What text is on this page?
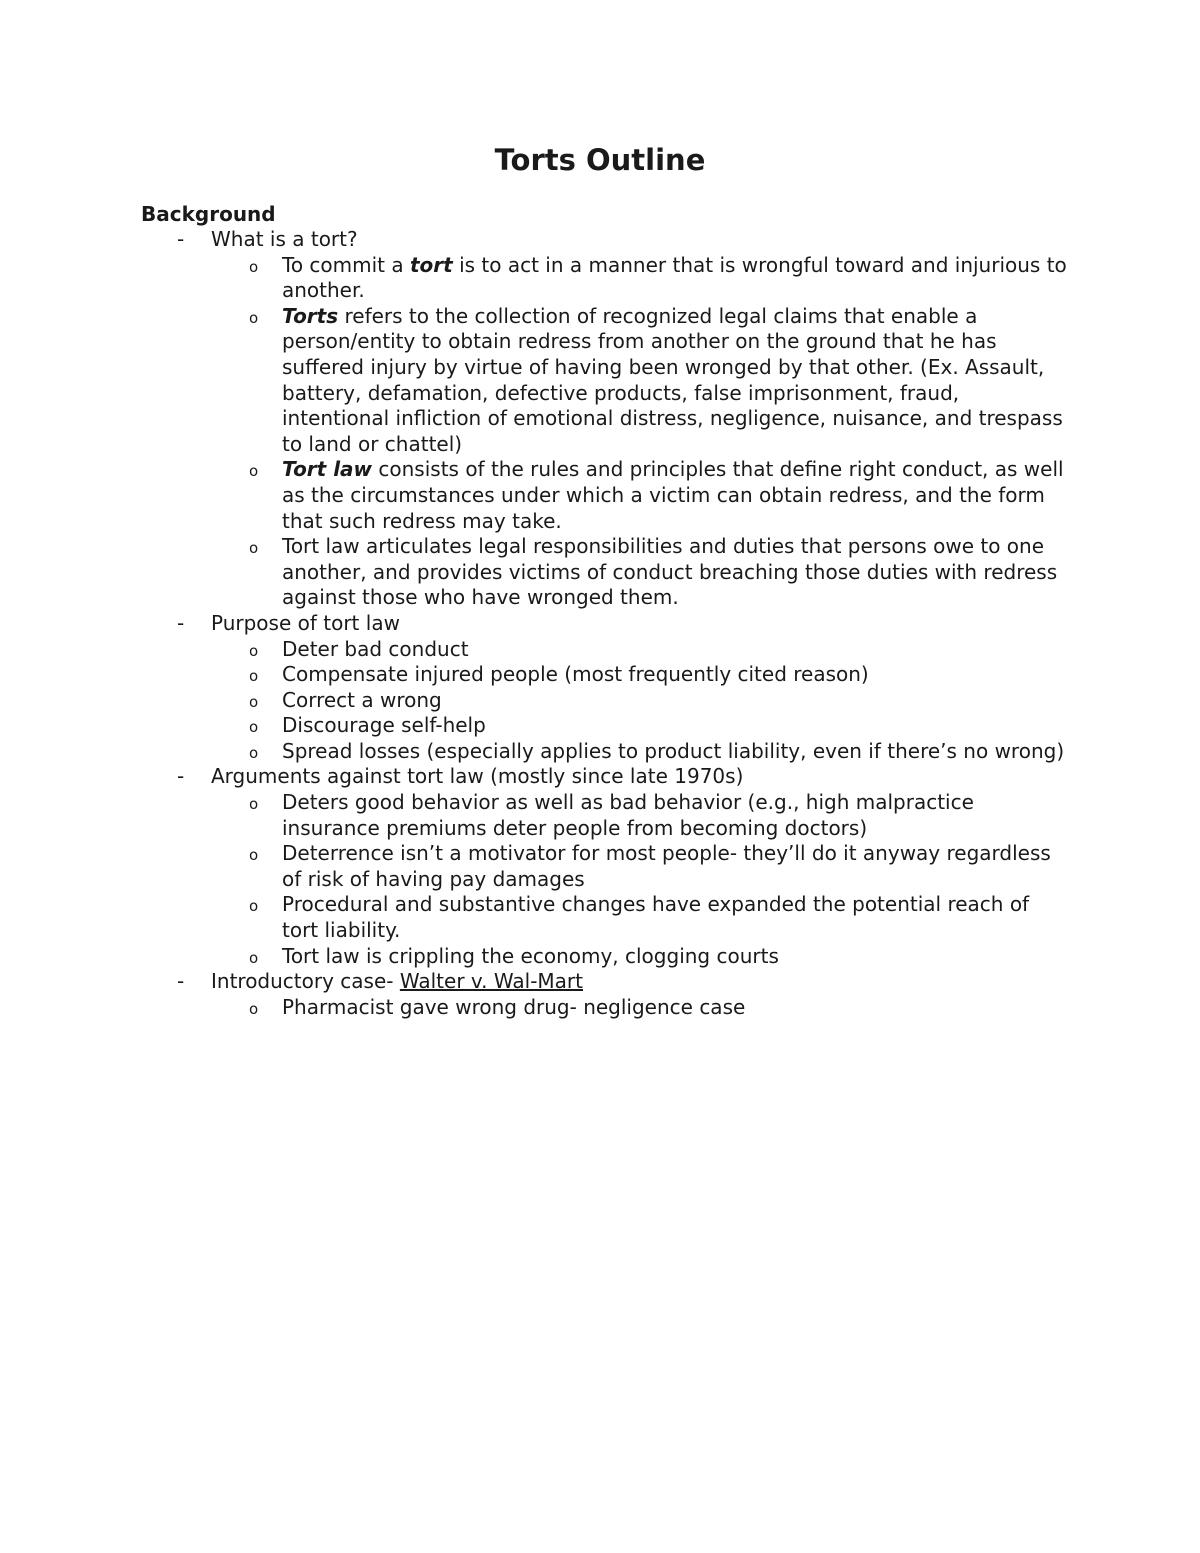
Torts Outline
Background
- What is a tort?
o	To commit a tort is to act in a manner that is wrongful toward and injurious to another.
o	Torts refers to the collection of recognized legal claims that enable a person/entity to obtain redress from another on the ground that he has suffered injury by virtue of having been wronged by that other. (Ex. Assault, battery, defamation, defective products, false imprisonment, fraud, intentional infliction of emotional distress, negligence, nuisance, and trespass to land or chattel)
o	Tort law consists of the rules and principles that define right conduct, as well as the circumstances under which a victim can obtain redress, and the form that such redress may take.
o	Tort law articulates legal responsibilities and duties that persons owe to one another, and provides victims of conduct breaching those duties with redress against those who have wronged them.
- Purpose of tort law
o	Deter bad conduct
o	Compensate injured people (most frequently cited reason)
o	Correct a wrong
o	Discourage self-help
o	Spread losses (especially applies to product liability, even if there’s no wrong)
- Arguments against tort law (mostly since late 1970s)
o	Deters good behavior as well as bad behavior (e.g., high malpractice insurance premiums deter people from becoming doctors)
o	Deterrence isn’t a motivator for most people- they’ll do it anyway regardless of risk of having pay damages
o	Procedural and substantive changes have expanded the potential reach of tort liability.
o	Tort law is crippling the economy, clogging courts
- Introductory case- Walter v. Wal-Mart
o	Pharmacist gave wrong drug- negligence case
